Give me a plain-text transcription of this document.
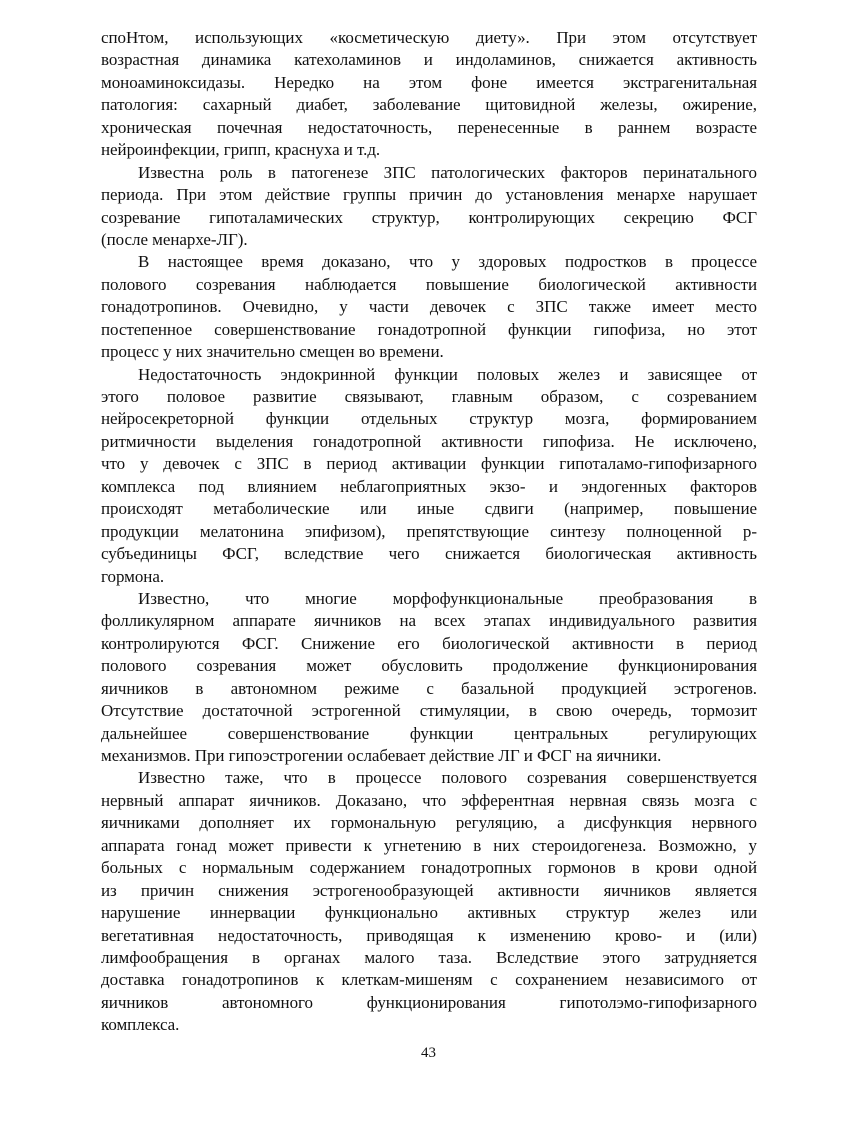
споНтом, использующих «косметическую диету». При этом отсутствует
возрастная динамика катехоламинов и индоламинов, снижается активность
моноаминоксидазы. Нередко на этом фоне имеется экстрагенитальная
патология: сахарный диабет, заболевание щитовидной железы, ожирение,
хроническая почечная недостаточность, перенесенные в раннем возрасте
нейроинфекции, грипп, краснуха и т.д.
Известна роль в патогенезе ЗПС патологических факторов перинатального
периода. При этом действие группы причин до установления менархе нарушает
созревание гипоталамических структур, контролирующих секрецию ФСГ
(после менархе-ЛГ).
В настоящее время доказано, что у здоровых подростков в процессе
полового созревания наблюдается повышение биологической активности
гонадотропинов. Очевидно, у части девочек с ЗПС также имеет место
постепенное совершенствование гонадотропной функции гипофиза, но этот
процесс у них значительно смещен во времени.
Недостаточность эндокринной функции половых желез и зависящее от
этого половое развитие связывают, главным образом, с созреванием
нейросекреторной функции отдельных структур мозга, формированием
ритмичности выделения гонадотропной активности гипофиза. Не исключено,
что у девочек с ЗПС в период активации функции гипоталамо-гипофизарного
комплекса под влиянием неблагоприятных экзо- и эндогенных факторов
происходят метаболические или иные сдвиги (например, повышение
продукции мелатонина эпифизом), препятствующие синтезу полноценной р-
субъединицы ФСГ, вследствие чего снижается биологическая активность
гормона.
Известно, что многие морфофункциональные преобразования в
фолликулярном аппарате яичников на всех этапах индивидуального развития
контролируются ФСГ. Снижение его биологической активности в период
полового созревания может обусловить продолжение функционирования
яичников в автономном режиме с базальной продукцией эстрогенов.
Отсутствие достаточной эстрогенной стимуляции, в свою очередь, тормозит
дальнейшее совершенствование функции центральных регулирующих
механизмов. При гипоэстрогении ослабевает действие ЛГ и ФСГ на яичники.
Известно таже, что в процессе полового созревания совершенствуется
нервный аппарат яичников. Доказано, что эфферентная нервная связь мозга с
яичниками дополняет их гормональную регуляцию, а дисфункция нервного
аппарата гонад может привести к угнетению в них стероидогенеза. Возможно, у
больных с нормальным содержанием гонадотропных гормонов в крови одной
из причин снижения эстрогенообразующей активности яичников является
нарушение иннервации функционально активных структур желез или
вегетативная недостаточность, приводящая к изменению крово- и (или)
лимфообращения в органах малого таза. Вследствие этого затрудняется
доставка гонадотропинов к клеткам-мишеням с сохранением независимого от
яичников автономного функционирования гипотолэмо-гипофизарного
комплекса.
43
